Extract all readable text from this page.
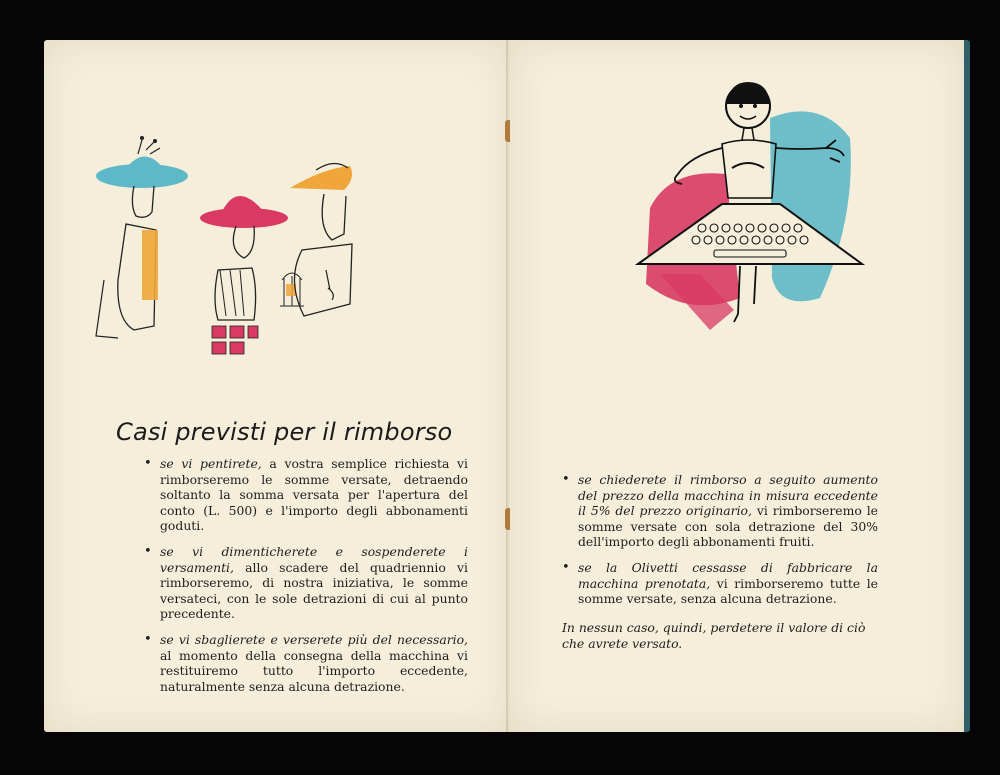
Casi previsti per il rimborso
• se vi pentirete, a vostra semplice richiesta vi rimborseremo le somme versate, detraendo soltanto la somma versata per l'apertura del conto (L. 500) e l'importo degli abbonamenti goduti.
• se vi dimenticherete e sospenderete i versamenti, allo scadere del quadriennio vi rimborseremo, di nostra iniziativa, le somme versateci, con le sole detrazioni di cui al punto precedente.
• se vi sbaglierete e verserete più del necessario, al momento della consegna della macchina vi restituiremo tutto l'importo eccedente, naturalmente senza alcuna detrazione.
• se chiederete il rimborso a seguito aumento del prezzo della macchina in misura eccedente il 5% del prezzo originario, vi rimborseremo le somme versate con sola detrazione del 30% dell'importo degli abbonamenti fruiti.
• se la Olivetti cessasse di fabbricare la macchina prenotata, vi rimborseremo tutte le somme versate, senza alcuna detrazione.

In nessun caso, quindi, perdetere il valore di ciò che avrete versato.
